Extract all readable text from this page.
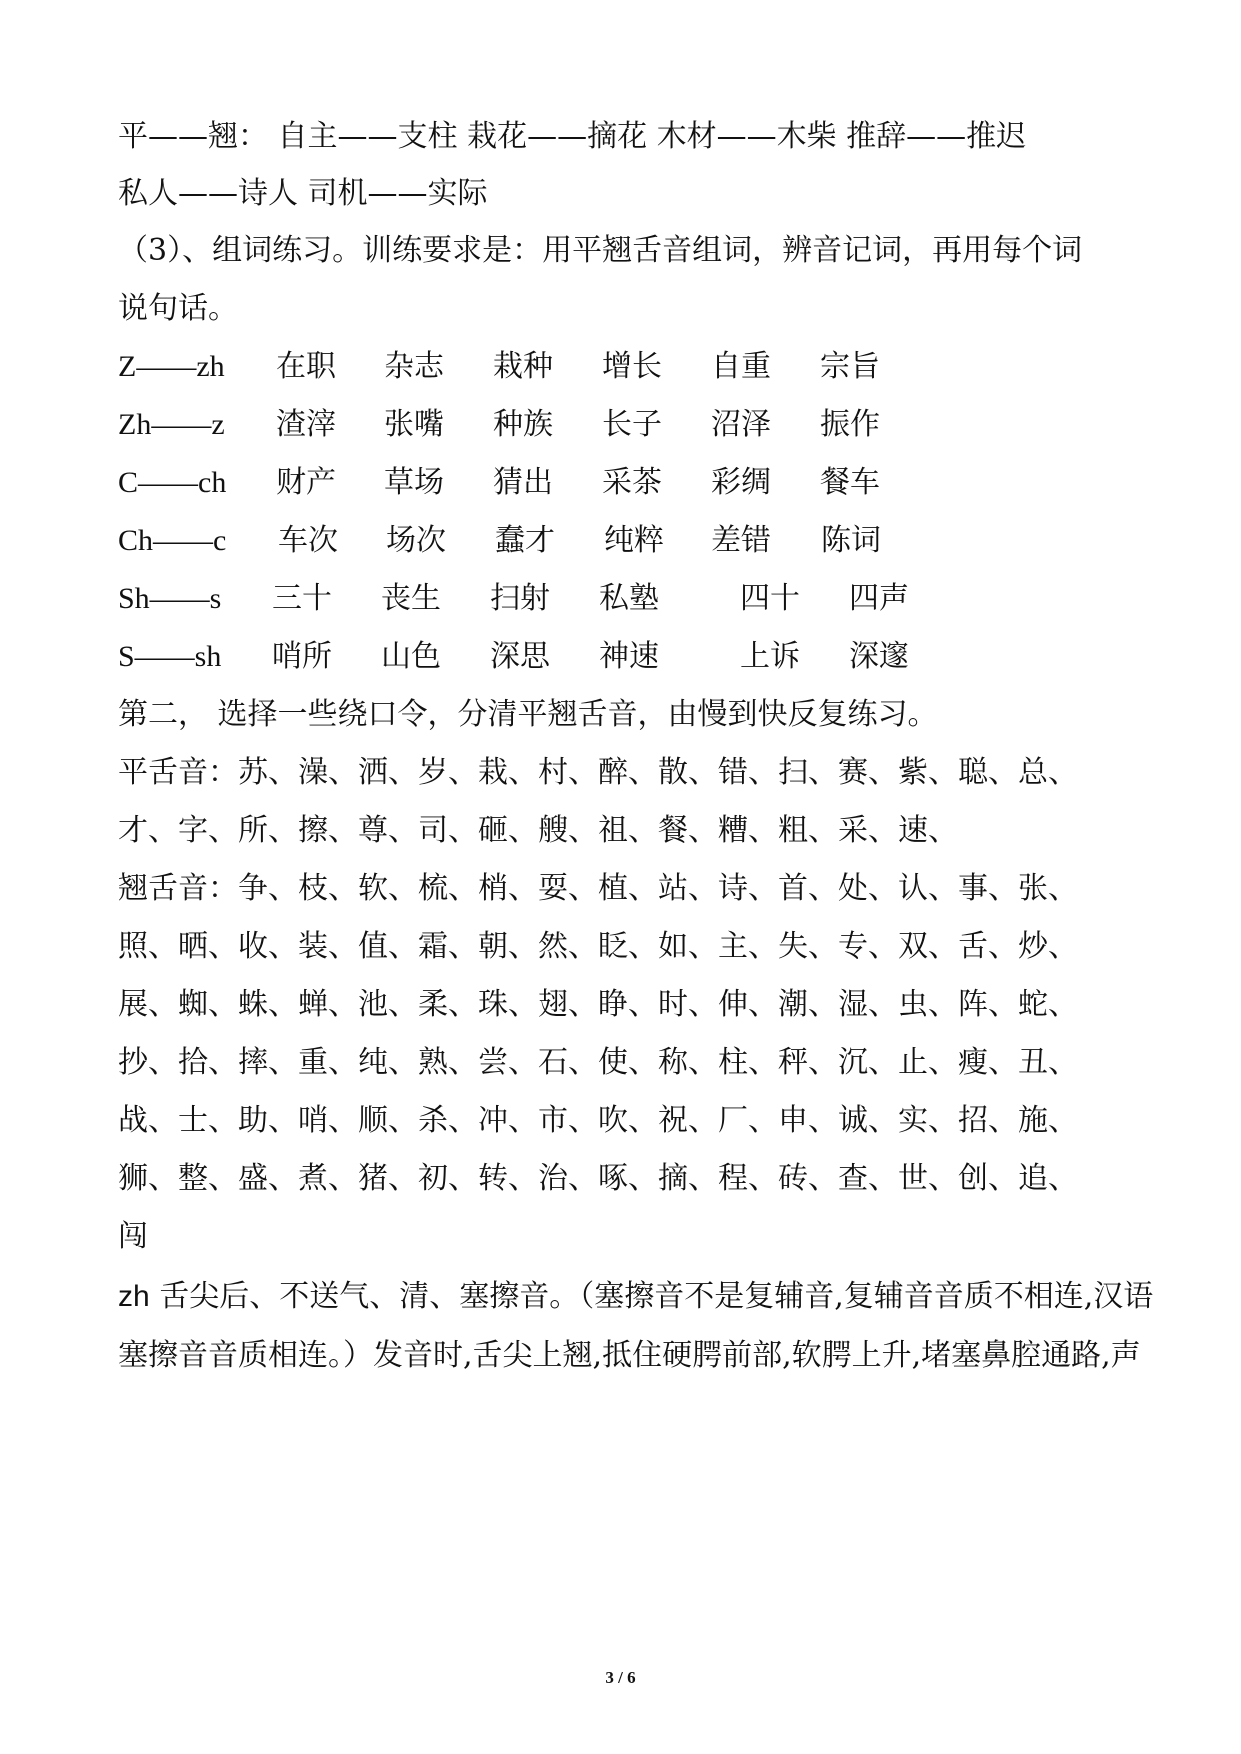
平——翘： 自主——支柱 栽花——摘花 木材——木柴 推辞——推迟
私人——诗人 司机——实际
（3）、组词练习。训练要求是：用平翘舌音组词，辨音记词，再用每个词
说句话。
Z——zh 在职 杂志 栽种 增长 自重 宗旨
Zh——z 渣滓 张嘴 种族 长子 沼泽 振作
C——ch 财产 草场 猜出 采茶 彩绸 餐车
Ch——c 车次 场次 蠢才 纯粹 差错 陈词
Sh——s 三十 丧生 扫射 私塾	四十 四声
S——sh 哨所 山色 深思 神速	上诉 深邃
第二， 选择一些绕口令，分清平翘舌音，由慢到快反复练习。
平舌音：苏、澡、洒、岁、栽、村、醉、散、错、扫、赛、紫、聪、总、
才、字、所、擦、尊、司、砸、艘、祖、餐、糟、粗、采、速、
翘舌音：争、枝、软、梳、梢、耍、植、站、诗、首、处、认、事、张、
照、晒、收、装、值、霜、朝、然、眨、如、主、失、专、双、舌、炒、
展、蜘、蛛、蝉、池、柔、珠、翅、睁、时、伸、潮、湿、虫、阵、蛇、
抄、拾、摔、重、纯、熟、尝、石、使、称、柱、秤、沉、止、瘦、丑、
战、士、助、哨、顺、杀、冲、市、吹、祝、厂、申、诚、实、招、施、
狮、整、盛、煮、猪、初、转、治、啄、摘、程、砖、查、世、创、追、
闯
zh 舌尖后、不送气、清、塞擦音。（塞擦音不是复辅音,复辅音音质不相连,汉语
塞擦音音质相连。）发音时,舌尖上翘,抵住硬腭前部,软腭上升,堵塞鼻腔通路,声
3 / 6
